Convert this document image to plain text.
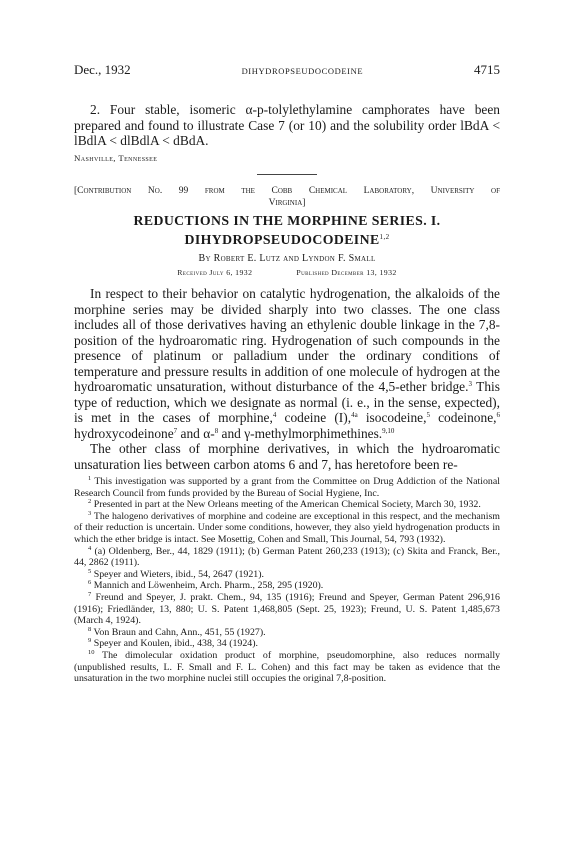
Dec., 1932	DIHYDROPSEUDOCODEINE	4715

2. Four stable, isomeric α-p-tolylethylamine camphorates have been prepared and found to illustrate Case 7 (or 10) and the solubility order lBdA < lBdlA < dlBdlA < dBdA.

Nashville, Tennessee
[Contribution No. 99 from the Cobb Chemical Laboratory, University of
Virginia]
REDUCTIONS IN THE MORPHINE SERIES. I.
DIHYDROPSEUDOCODEINE$^{1,2}$
By Robert E. Lutz and Lyndon F. Small
Received July 6, 1932	Published December 13, 1932

In respect to their behavior on catalytic hydrogenation, the alkaloids of the morphine series may be divided sharply into two classes. The one class includes all of those derivatives having an ethylenic double linkage in the 7,8-position of the hydroaromatic ring. Hydrogenation of such compounds in the presence of platinum or palladium under the ordinary conditions of temperature and pressure results in addition of one molecule of hydrogen at the hydroaromatic unsaturation, without disturbance of the 4,5-ether bridge.$^3$ This type of reduction, which we designate as normal (i. e., in the sense, expected), is met in the cases of morphine,$^4$ codeine (I),$^{4a}$ isocodeine,$^5$ codeinone,$^6$ hydroxycodeinone$^7$ and α-$^8$ and γ-methylmorphimethines.$^{9,10}$

The other class of morphine derivatives, in which the hydroaromatic unsaturation lies between carbon atoms 6 and 7, has heretofore been re-

$^1$ This investigation was supported by a grant from the Committee on Drug Addiction of the National Research Council from funds provided by the Bureau of Social Hygiene, Inc.

$^2$ Presented in part at the New Orleans meeting of the American Chemical Society, March 30, 1932.

$^3$ The halogeno derivatives of morphine and codeine are exceptional in this respect, and the mechanism of their reduction is uncertain. Under some conditions, however, they also yield hydrogenation products in which the ether bridge is intact. See Mosettig, Cohen and Small, This Journal, 54, 793 (1932).

$^4$ (a) Oldenberg, Ber., 44, 1829 (1911); (b) German Patent 260,233 (1913); (c) Skita and Franck, Ber., 44, 2862 (1911).

$^5$ Speyer and Wieters, ibid., 54, 2647 (1921).

$^6$ Mannich and Löwenheim, Arch. Pharm., 258, 295 (1920).

$^7$ Freund and Speyer, J. prakt. Chem., 94, 135 (1916); Freund and Speyer, German Patent 296,916 (1916); Friedländer, 13, 880; U. S. Patent 1,468,805 (Sept. 25, 1923); Freund, U. S. Patent 1,485,673 (March 4, 1924).

$^8$ Von Braun and Cahn, Ann., 451, 55 (1927).

$^9$ Speyer and Koulen, ibid., 438, 34 (1924).

$^{10}$ The dimolecular oxidation product of morphine, pseudomorphine, also reduces normally (unpublished results, L. F. Small and F. L. Cohen) and this fact may be taken as evidence that the unsaturation in the two morphine nuclei still occupies the original 7,8-position.
